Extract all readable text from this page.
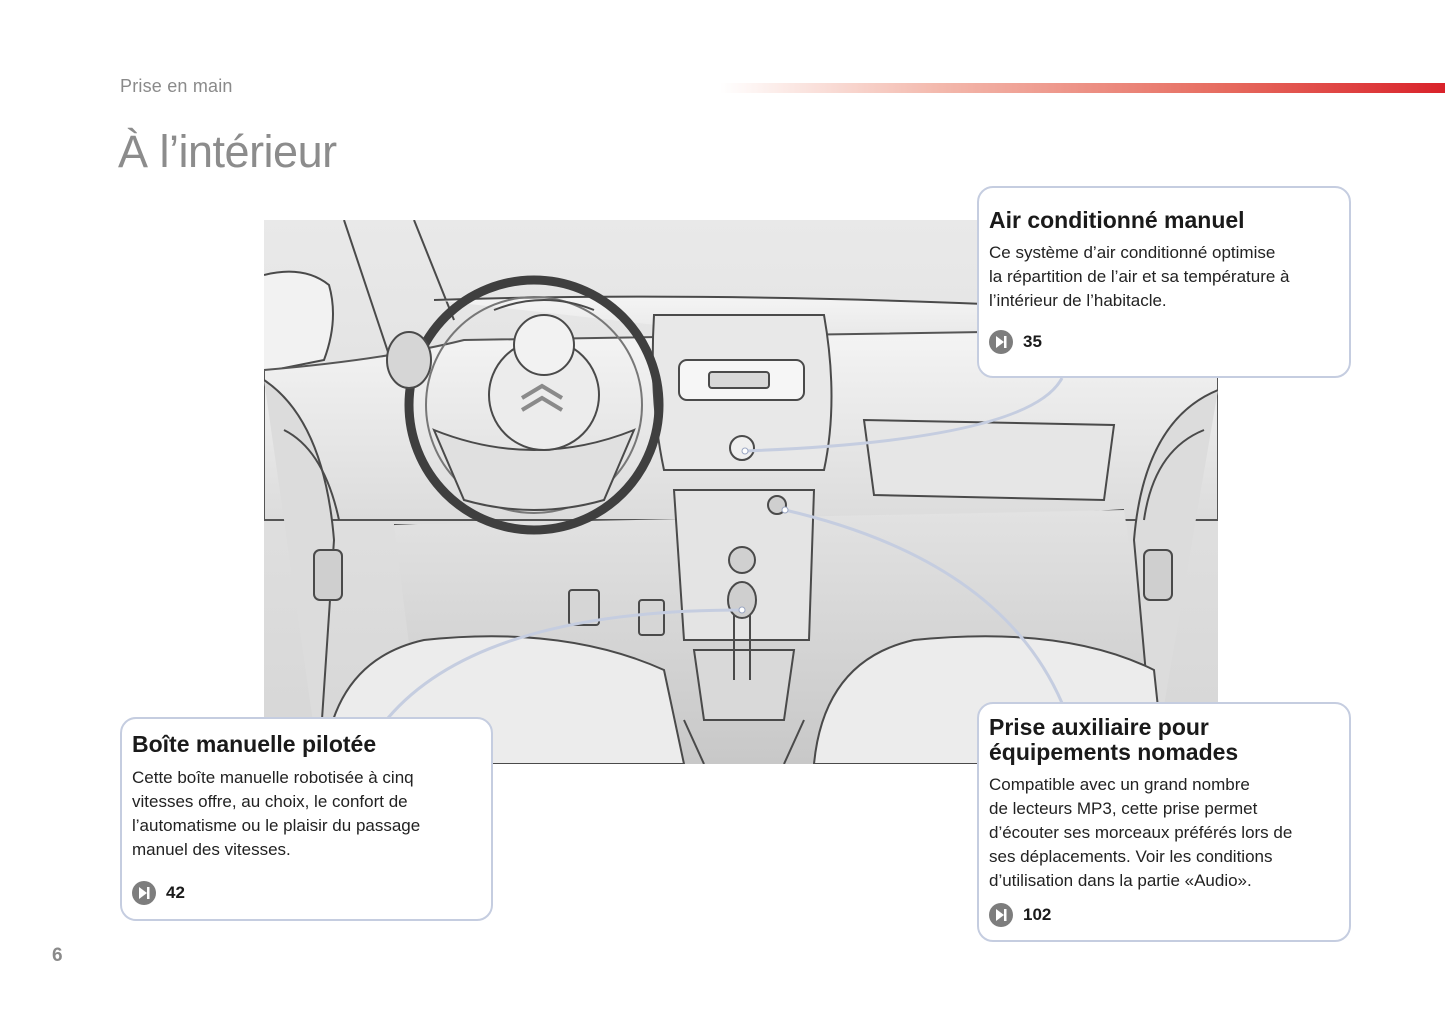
Prise en main
À l’intérieur
Air conditionné manuel

Ce système d’air conditionné optimise
la répartition de l’air et sa température à
l’intérieur de l’habitacle.

35
Boîte manuelle pilotée

Cette boîte manuelle robotisée à cinq
vitesses offre, au choix, le confort de
l’automatisme ou le plaisir du passage
manuel des vitesses.

42
Prise auxiliaire pour
équipements nomades

Compatible avec un grand nombre
de lecteurs MP3, cette prise permet
d’écouter ses morceaux préférés lors de
ses déplacements. Voir les conditions
d’utilisation dans la partie «Audio».

102
6
